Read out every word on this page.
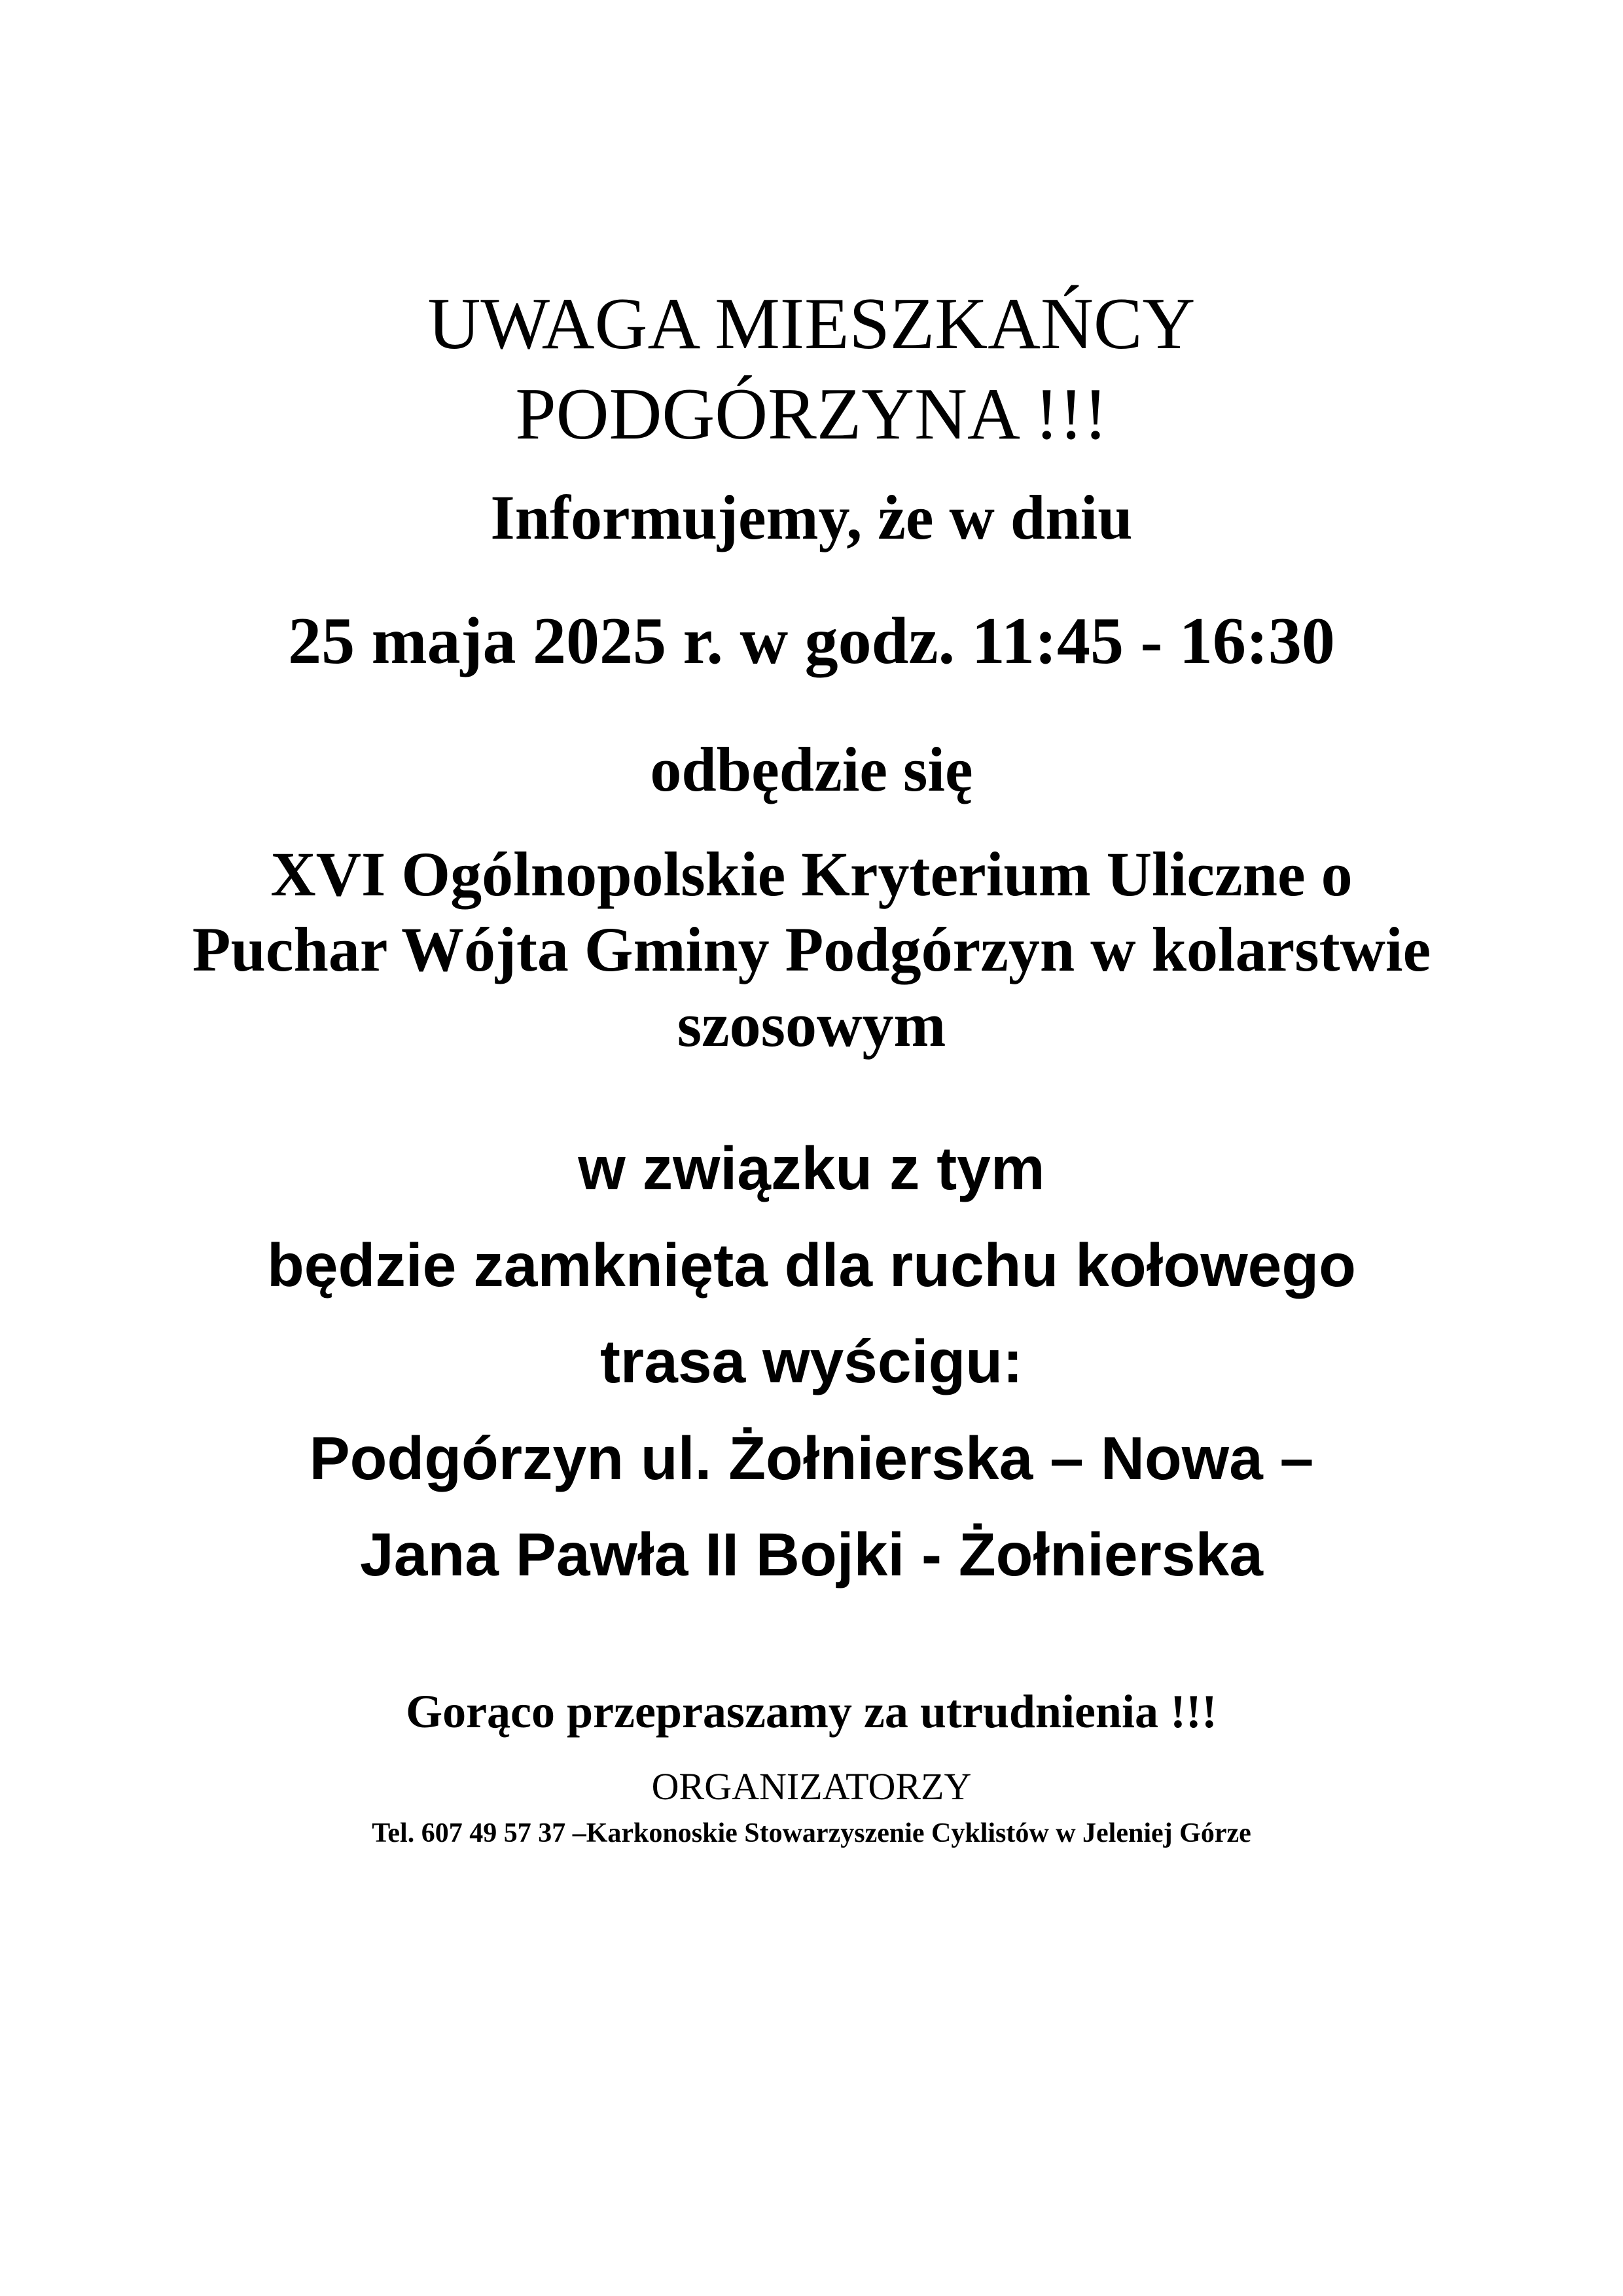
UWAGA MIESZKAŃCY

PODGÓRZYNA !!!

Informujemy, że w dniu

25 maja 2025 r. w godz. 11:45 - 16:30

odbędzie się

XVI Ogólnopolskie Kryterium Uliczne o

Puchar Wójta Gminy Podgórzyn w kolarstwie

szosowym

w związku z tym

będzie zamknięta dla ruchu kołowego

trasa wyścigu:

Podgórzyn ul. Żołnierska – Nowa –

Jana Pawła II Bojki - Żołnierska

Gorąco przepraszamy za utrudnienia !!!

ORGANIZATORZY

Tel. 607 49 57 37 –Karkonoskie Stowarzyszenie Cyklistów w Jeleniej Górze
